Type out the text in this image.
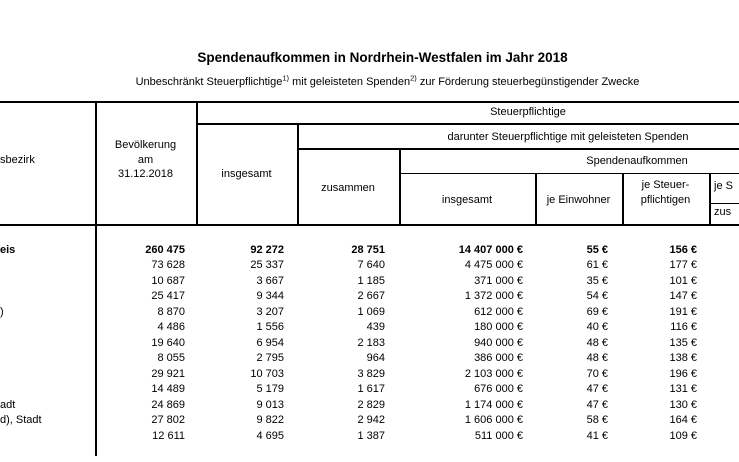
Spendenaufkommen in Nordrhein-Westfalen im Jahr 2018
Unbeschränkt Steuerpflichtige$^{1)}$ mit geleisteten Spenden$^{2)}$ zur Förderung steuerbegünstigender Zwecke
sbezirk
Bevölkerung
am
31.12.2018
Steuerpflichtige
insgesamt
darunter Steuerpflichtige mit geleisteten Spenden
zusammen
Spendenaufkommen
insgesamt	je Einwohner
je Steuer-
pflichtigen
je S
zus
eis	260 475	92 272	28 751	14 407 000 €	55 €	156 €
73 628	25 337	7 640	4 475 000 €	61 €	177 €
10 687	3 667	1 185	371 000 €	35 €	101 €
25 417	9 344	2 667	1 372 000 €	54 €	147 €
)	8 870	3 207	1 069	612 000 €	69 €	191 €
4 486	1 556	439	180 000 €	40 €	116 €
19 640	6 954	2 183	940 000 €	48 €	135 €
8 055	2 795	964	386 000 €	48 €	138 €
29 921	10 703	3 829	2 103 000 €	70 €	196 €
14 489	5 179	1 617	676 000 €	47 €	131 €
adt	24 869	9 013	2 829	1 174 000 €	47 €	130 €
d), Stadt	27 802	9 822	2 942	1 606 000 €	58 €	164 €
12 611	4 695	1 387	511 000 €	41 €	109 €
